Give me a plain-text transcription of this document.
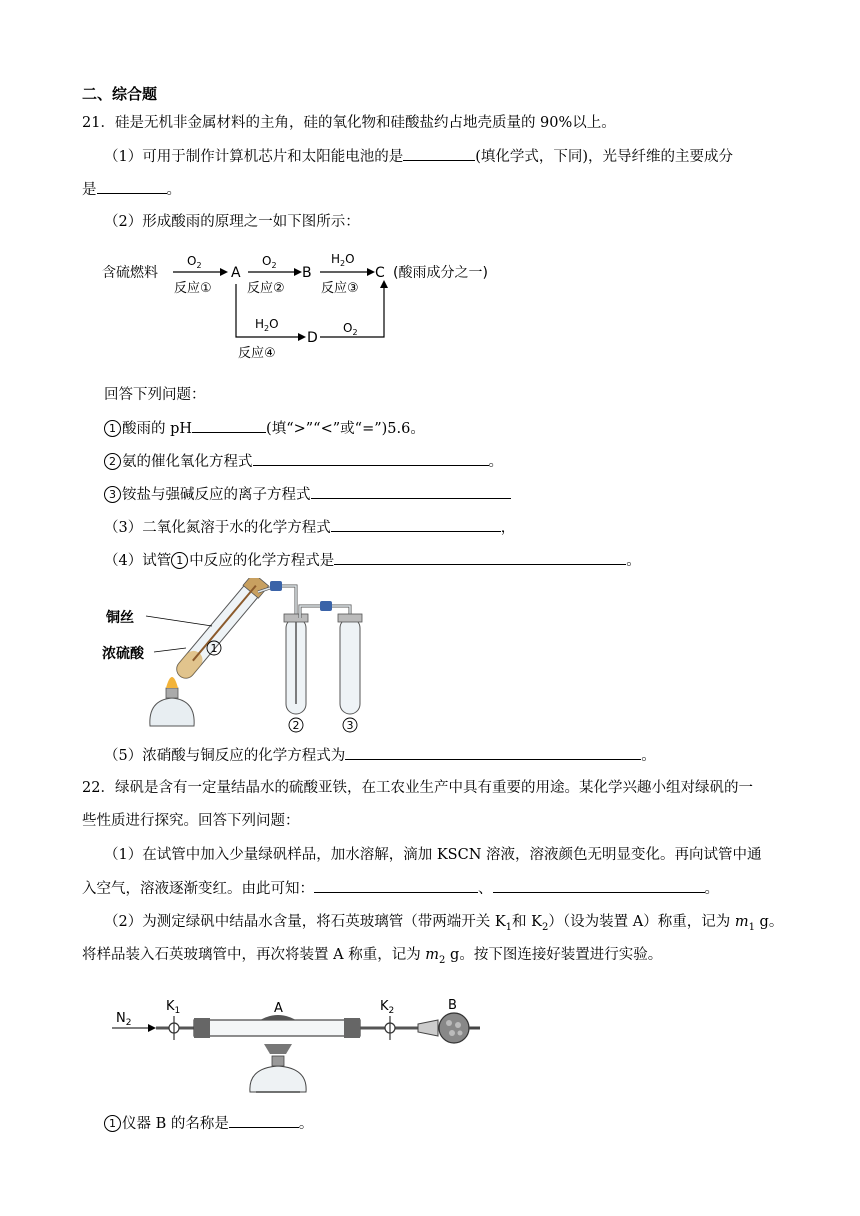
二、综合题
21．硅是无机非金属材料的主角，硅的氧化物和硅酸盐约占地壳质量的 90%以上。
（1）可用于制作计算机芯片和太阳能电池的是	(填化学式，下同)，光导纤维的主要成分
是	。
（2）形成酸雨的原理之一如下图所示：
含硫燃料	A	B	C (酸雨成分之一)
D
$O_2$	$O_2$	$H_2O$
$H_2O$	$O_2$
反应①	反应②	反应③
反应④
回答下列问题：
1 酸雨的 pH	(填“>”“<”或“=”)5.6。
2 氨的催化氧化方程式	。
3 铵盐与强碱反应的离子方程式
（3）二氧化氮溶于水的化学方程式	，
（4）试管 1 中反应的化学方程式是	。
铜丝
浓硫酸	1
2	3
（5）浓硝酸与铜反应的化学方程式为	。
22．绿矾是含有一定量结晶水的硫酸亚铁，在工农业生产中具有重要的用途。某化学兴趣小组对绿矾的一
些性质进行探究。回答下列问题：
（1）在试管中加入少量绿矾样品，加水溶解，滴加 KSCN 溶液，溶液颜色无明显变化。再向试管中通
入空气，溶液逐渐变红。由此可知：	、	。
（2）为测定绿矾中结晶水含量，将石英玻璃管（带两端开关 $K_1$和 $K_2$）（设为装置 A）称重，记为 $m_1$ g。
将样品装入石英玻璃管中，再次将装置 A 称重，记为 $m_2$ g。按下图连接好装置进行实验。
$N_2$
$K_1$	A	$K_2$	B
1 仪器 B 的名称是	。
